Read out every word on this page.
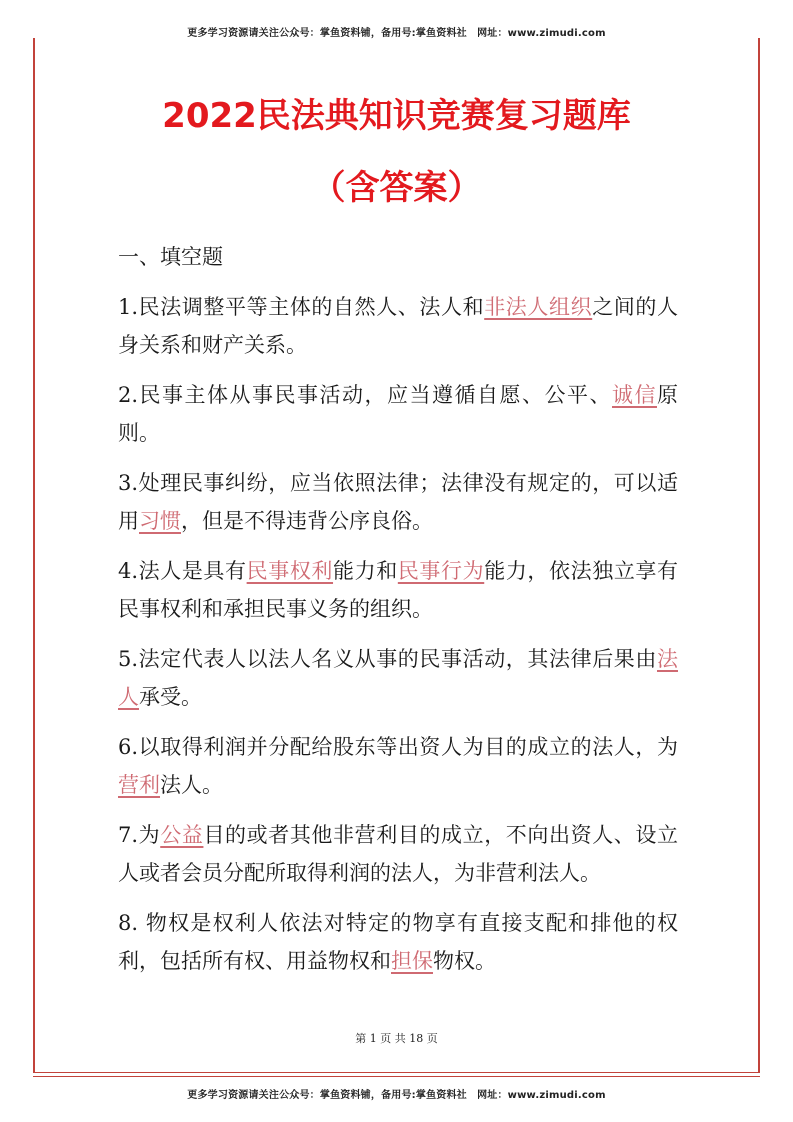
更多学习资源请关注公众号：掌鱼资料铺，备用号:掌鱼资料社　网址：www.zimudi.com
2022民法典知识竞赛复习题库
（含答案）
一、填空题
1.民法调整平等主体的自然人、法人和非法人组织之间的人身关系和财产关系。
2.民事主体从事民事活动，应当遵循自愿、公平、诚信原则。
3.处理民事纠纷，应当依照法律；法律没有规定的，可以适用习惯，但是不得违背公序良俗。
4.法人是具有民事权利能力和民事行为能力，依法独立享有民事权利和承担民事义务的组织。
5.法定代表人以法人名义从事的民事活动，其法律后果由法人承受。
6.以取得利润并分配给股东等出资人为目的成立的法人，为营利法人。
7.为公益目的或者其他非营利目的成立，不向出资人、设立人或者会员分配所取得利润的法人，为非营利法人。
8. 物权是权利人依法对特定的物享有直接支配和排他的权利，包括所有权、用益物权和担保物权。
第 1 页 共 18 页
更多学习资源请关注公众号：掌鱼资料铺，备用号:掌鱼资料社　网址：www.zimudi.com
